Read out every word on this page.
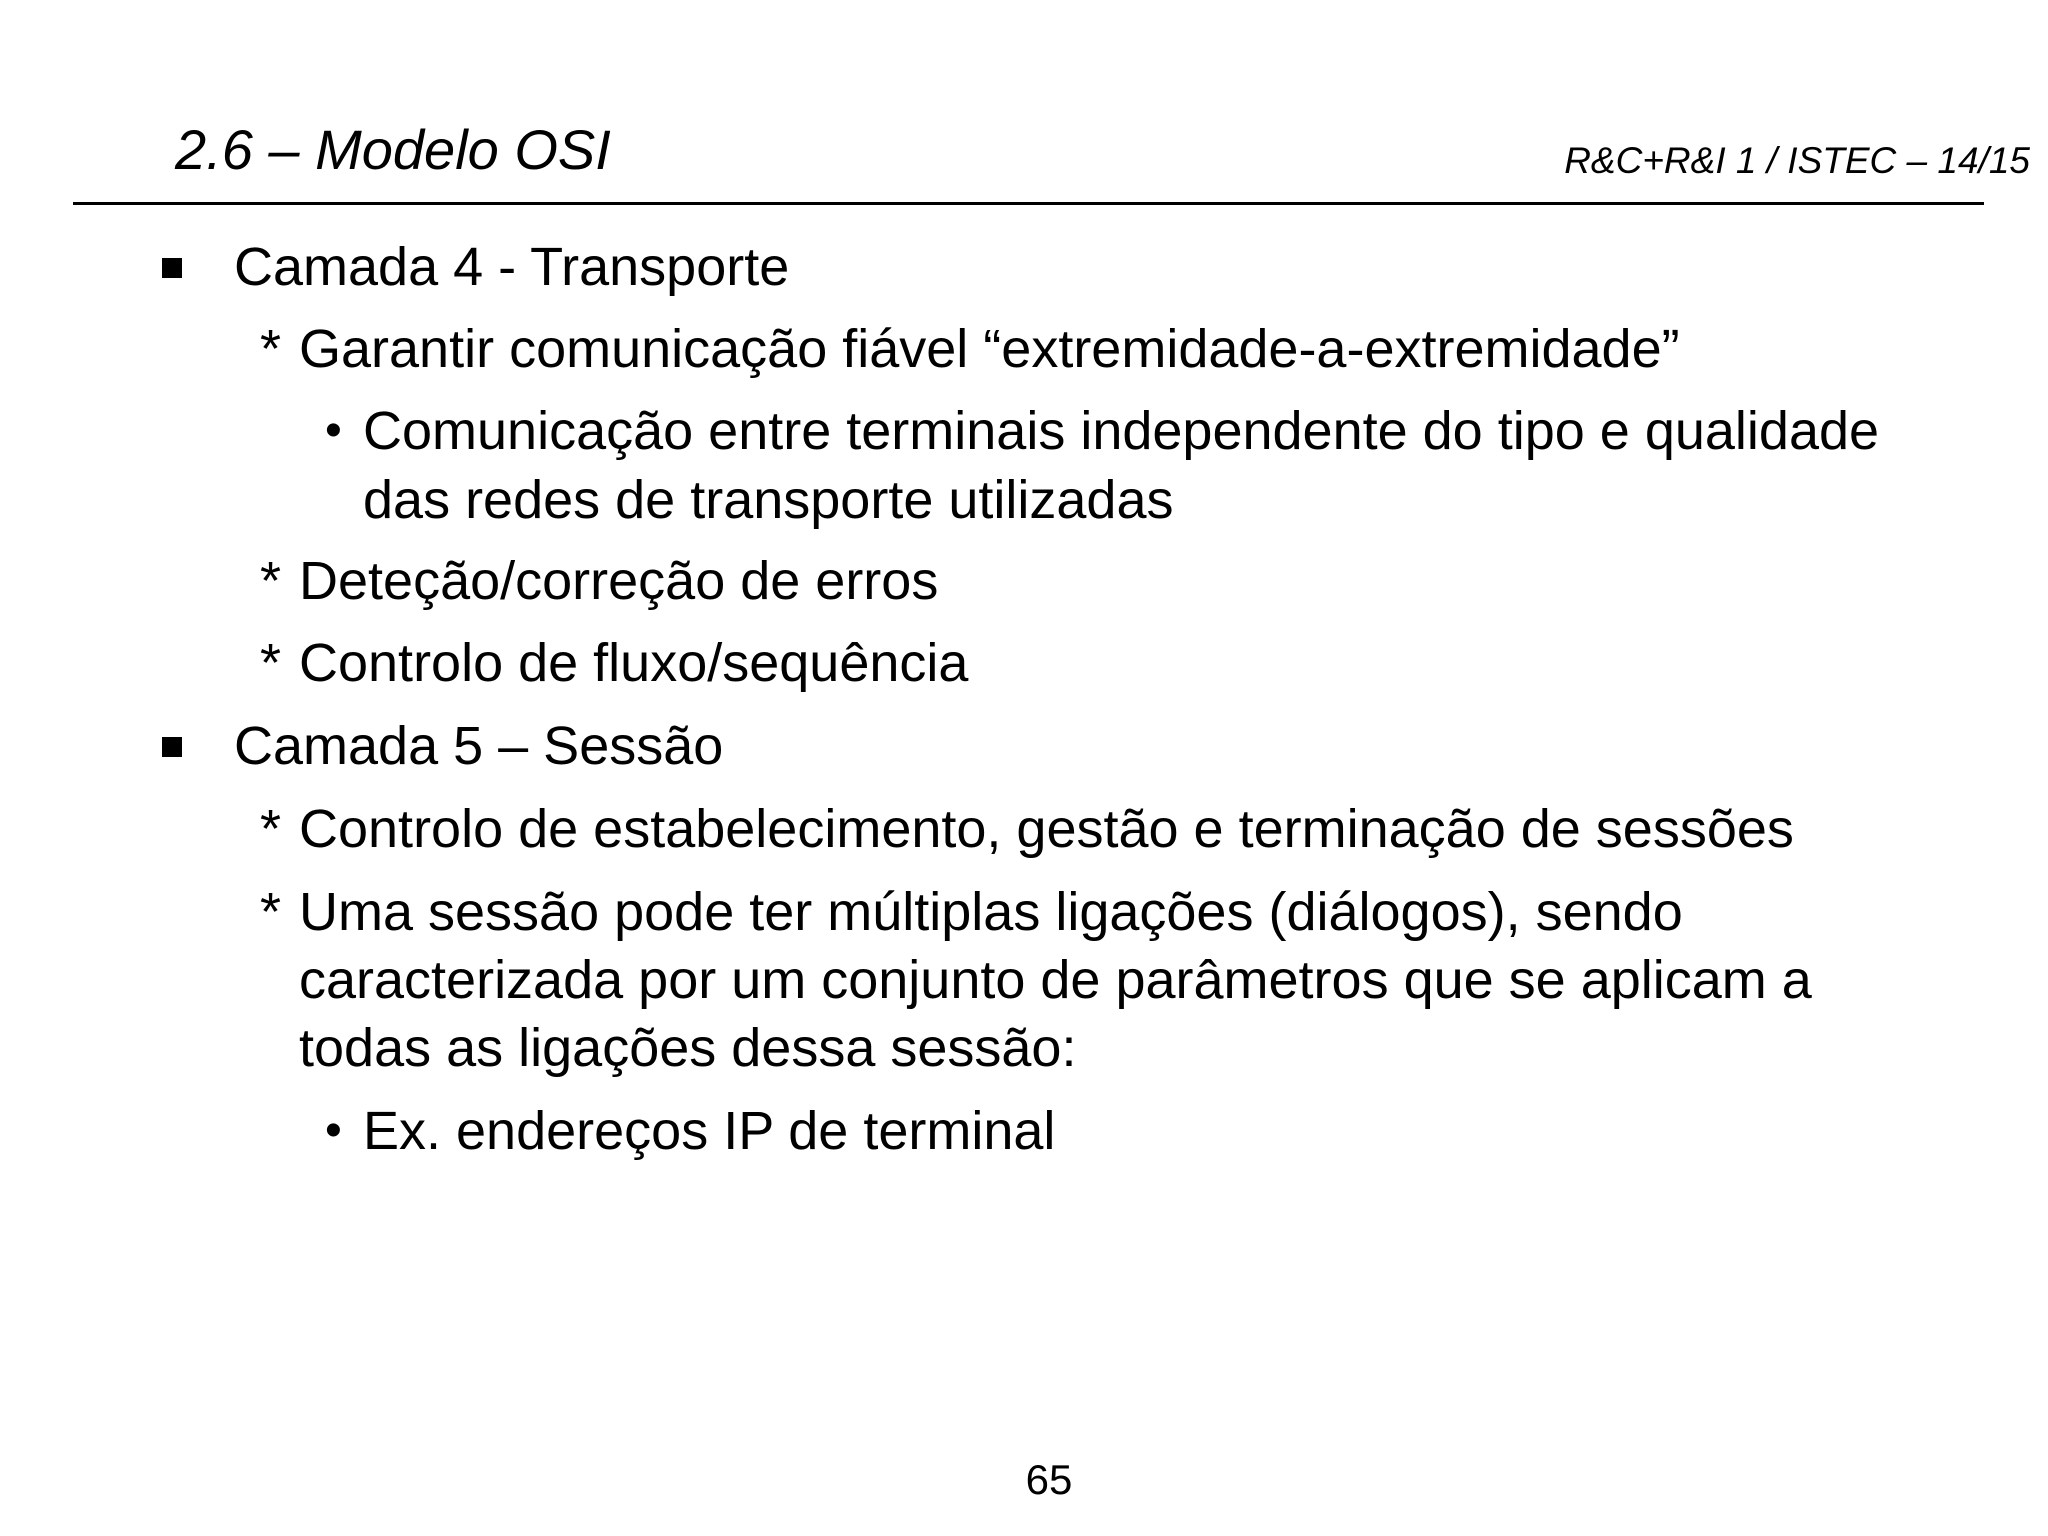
2.6 – Modelo OSI	R&C+R&I 1 / ISTEC – 14/15
Camada 4 - Transporte
* Garantir comunicação fiável “extremidade-a-extremidade”
• Comunicação entre terminais independente do tipo e qualidade
das redes de transporte utilizadas
* Deteção/correção de erros
* Controlo de fluxo/sequência
Camada 5 – Sessão
* Controlo de estabelecimento, gestão e terminação de sessões
* Uma sessão pode ter múltiplas ligações (diálogos), sendo
caracterizada por um conjunto de parâmetros que se aplicam a
todas as ligações dessa sessão:
• Ex. endereços IP de terminal
65
